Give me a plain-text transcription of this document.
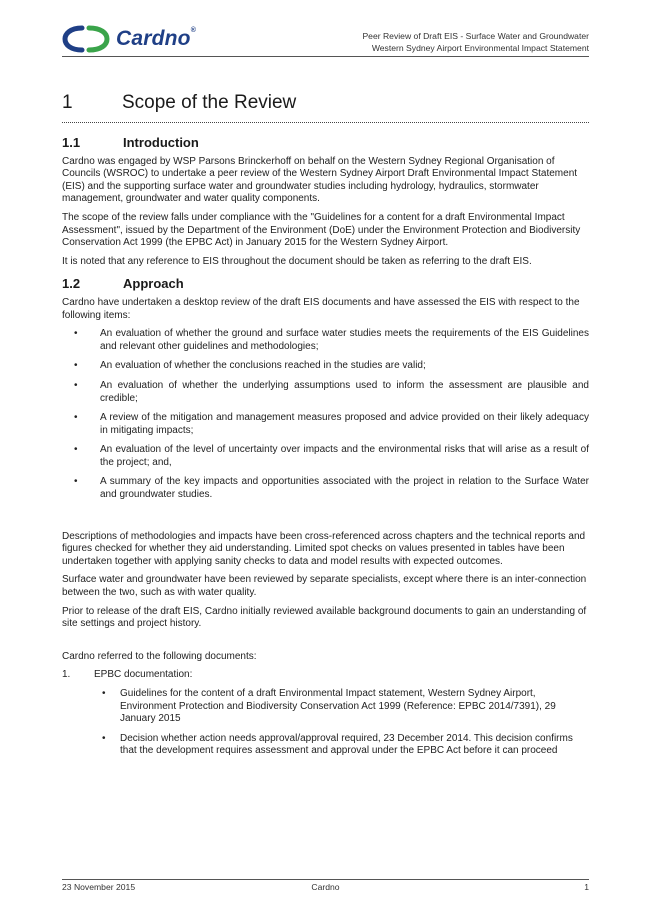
Cardno®
Peer Review of Draft EIS - Surface Water and Groundwater
Western Sydney Airport Environmental Impact Statement
1	Scope of the Review
1.1	Introduction

Cardno was engaged by WSP Parsons Brinckerhoff on behalf on the Western Sydney Regional Organisation of Councils (WSROC) to undertake a peer review of the Western Sydney Airport Draft Environmental Impact Statement (EIS) and the supporting surface water and groundwater studies including hydrology, hydraulics, stormwater management, groundwater and water quality components.

The scope of the review falls under compliance with the "Guidelines for a content for a draft Environmental Impact Assessment", issued by the Department of the Environment (DoE) under the Environment Protection and Biodiversity Conservation Act 1999 (the EPBC Act) in January 2015 for the Western Sydney Airport.

It is noted that any reference to EIS throughout the document should be taken as referring to the draft EIS.

1.2	Approach

Cardno have undertaken a desktop review of the draft EIS documents and have assessed the EIS with respect to the following items:

• An evaluation of whether the ground and surface water studies meets the requirements of the EIS Guidelines and relevant other guidelines and methodologies;
• An evaluation of whether the conclusions reached in the studies are valid;
• An evaluation of whether the underlying assumptions used to inform the assessment are plausible and credible;
• A review of the mitigation and management measures proposed and advice provided on their likely adequacy in mitigating impacts;
• An evaluation of the level of uncertainty over impacts and the environmental risks that will arise as a result of the project; and,
• A summary of the key impacts and opportunities associated with the project in relation to the Surface Water and groundwater studies.

Descriptions of methodologies and impacts have been cross-referenced across chapters and the technical reports and figures checked for whether they aid understanding. Limited spot checks on values presented in tables have been undertaken together with applying sanity checks to data and model results with expected outcomes.

Surface water and groundwater have been reviewed by separate specialists, except where there is an inter-connection between the two, such as with water quality.

Prior to release of the draft EIS, Cardno initially reviewed available background documents to gain an understanding of site settings and project history.

Cardno referred to the following documents:

1. EPBC documentation:
• Guidelines for the content of a draft Environmental Impact statement, Western Sydney Airport, Environment Protection and Biodiversity Conservation Act 1999 (Reference: EPBC 2014/7391), 29 January 2015
• Decision whether action needs approval/approval required, 23 December 2014. This decision confirms that the development requires assessment and approval under the EPBC Act before it can proceed
23 November 2015	Cardno	1
